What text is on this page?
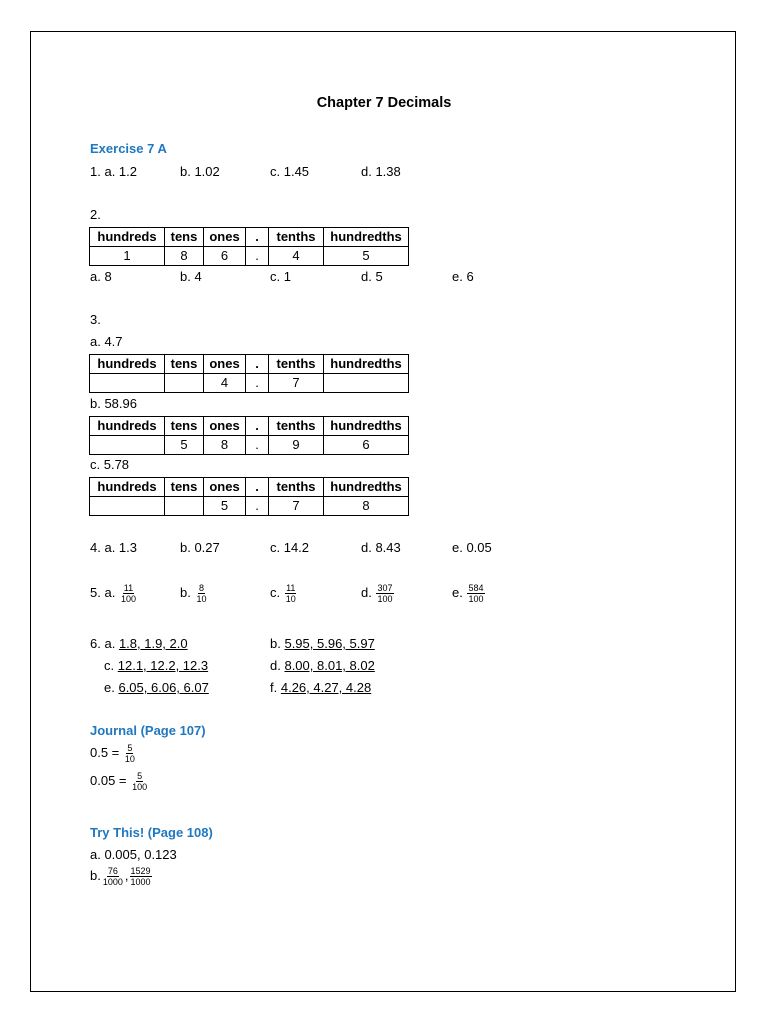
Chapter 7 Decimals
Exercise 7 A
1. a. 1.2	b. 1.02	c. 1.45	d. 1.38
2.
hundreds	tens	ones	.	tenths	hundredths
1	8	6	.	4	5
a. 8	b. 4	c. 1	d. 5	e. 6
3.
a. 4.7
hundreds	tens	ones	.	tenths	hundredths
		4	.	7	
b. 58.96
hundreds	tens	ones	.	tenths	hundredths
	5	8	.	9	6
c. 5.78
hundreds	tens	ones	.	tenths	hundredths
		5	.	7	8
4. a. 1.3	b. 0.27	c. 14.2	d. 8.43	e. 0.05
5. a. $\frac{11}{100}$	b. $\frac{8}{10}$	c. $\frac{11}{10}$	d. $\frac{307}{100}$	e. $\frac{584}{100}$
6. a. 1.8, 1.9, 2.0	b. 5.95, 5.96, 5.97
c. 12.1, 12.2, 12.3	d. 8.00, 8.01, 8.02
e. 6.05, 6.06, 6.07	f. 4.26, 4.27, 4.28
Journal (Page 107)
$0.5 = \frac{5}{10}$
$0.05 = \frac{5}{100}$
Try This! (Page 108)
a. 0.005, 0.123
b. $\frac{76}{1000}$ , $\frac{1529}{1000}$
